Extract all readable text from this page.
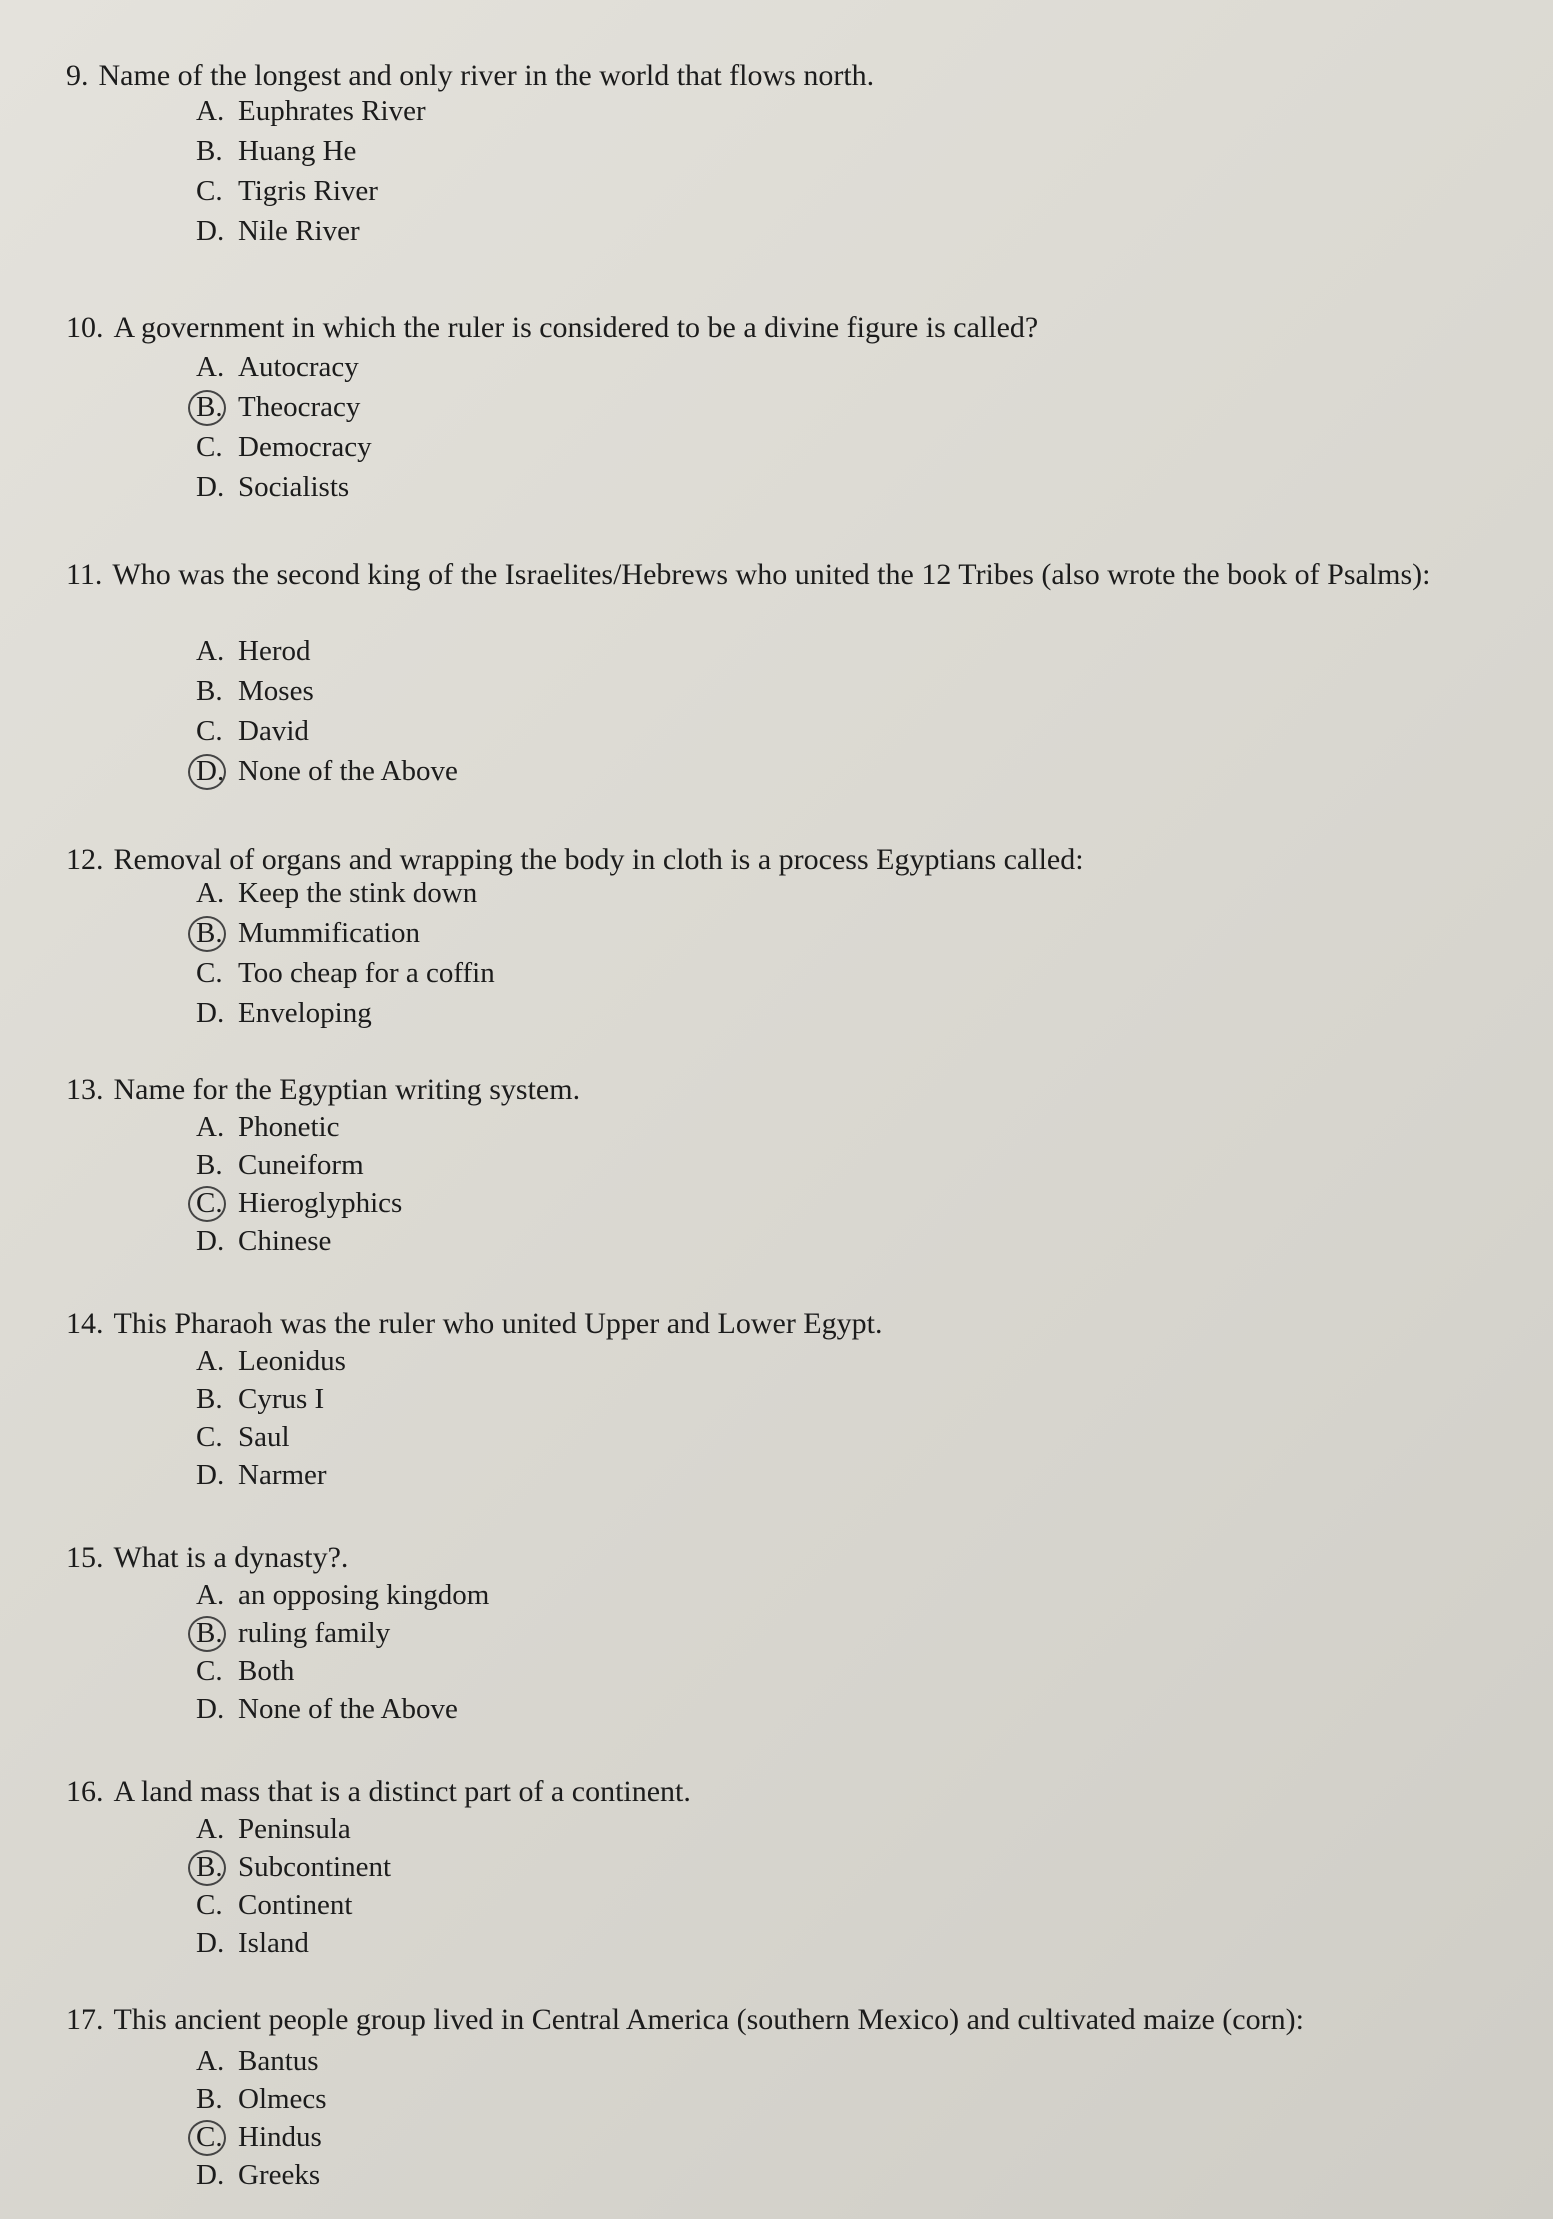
9. Name of the longest and only river in the world that flows north.
A. Euphrates River
B. Huang He
C. Tigris River
D. Nile River
10. A government in which the ruler is considered to be a divine figure is called?
A. Autocracy
B. Theocracy
C. Democracy
D. Socialists
11. Who was the second king of the Israelites/Hebrews who united the 12 Tribes (also wrote the book of Psalms):
A. Herod
B. Moses
C. David
D. None of the Above
12. Removal of organs and wrapping the body in cloth is a process Egyptians called:
A. Keep the stink down
B. Mummification
C. Too cheap for a coffin
D. Enveloping
13. Name for the Egyptian writing system.
A. Phonetic
B. Cuneiform
C. Hieroglyphics
D. Chinese
14. This Pharaoh was the ruler who united Upper and Lower Egypt.
A. Leonidus
B. Cyrus I
C. Saul
D. Narmer
15. What is a dynasty?.
A. an opposing kingdom
B. ruling family
C. Both
D. None of the Above
16. A land mass that is a distinct part of a continent.
A. Peninsula
B. Subcontinent
C. Continent
D. Island
17. This ancient people group lived in Central America (southern Mexico) and cultivated maize (corn):
A. Bantus
B. Olmecs
C. Hindus
D. Greeks
